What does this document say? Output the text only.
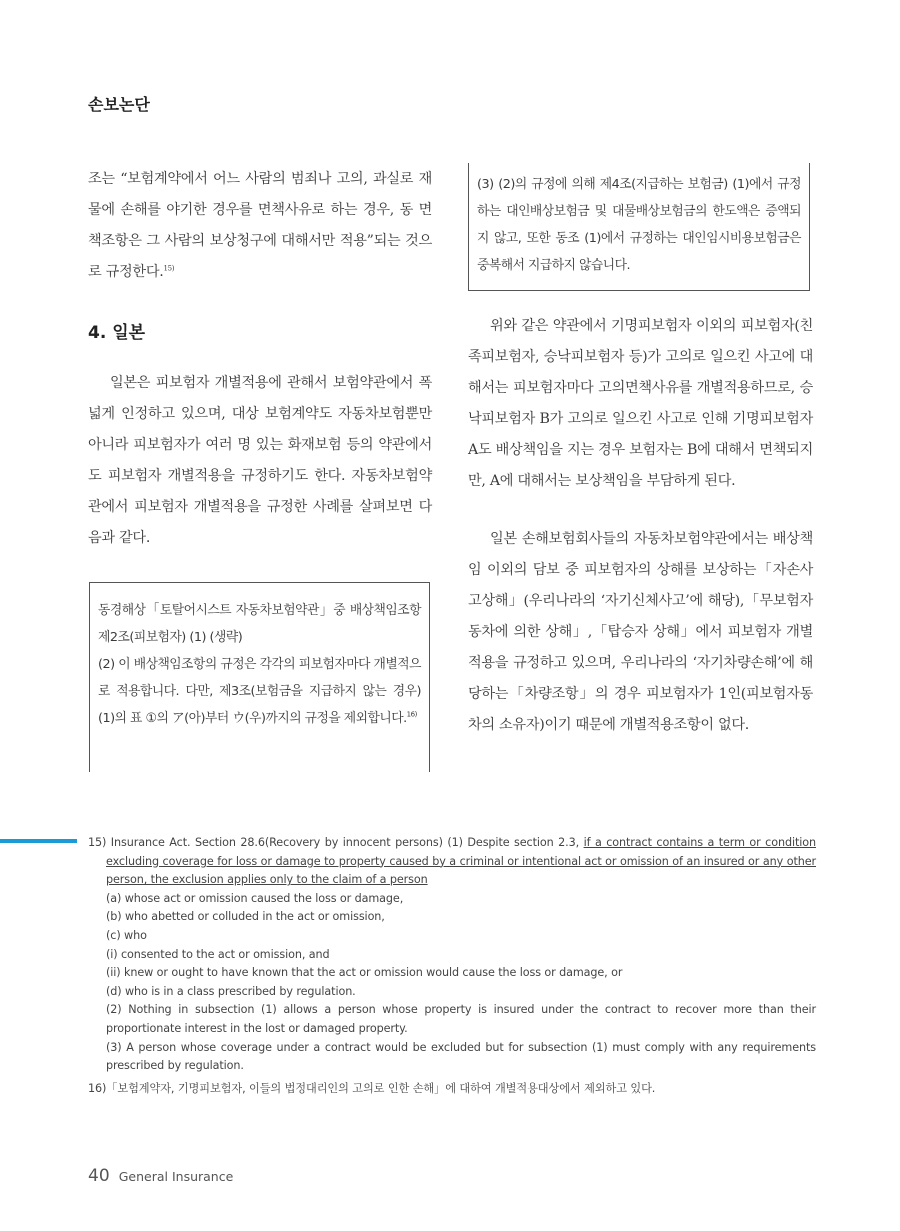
손보논단

조는 “보험계약에서 어느 사람의 범죄나 고의, 과실로 재물에 손해를 야기한 경우를 면책사유로 하는 경우, 동 면책조항은 그 사람의 보상청구에 대해서만 적용”되는 것으로 규정한다.$^{15)}$

4. 일본

일본은 피보험자 개별적용에 관해서 보험약관에서 폭넓게 인정하고 있으며, 대상 보험계약도 자동차보험뿐만 아니라 피보험자가 여러 명 있는 화재보험 등의 약관에서도 피보험자 개별적용을 규정하기도 한다. 자동차보험약관에서 피보험자 개별적용을 규정한 사례를 살펴보면 다음과 같다.

동경해상「토탈어시스트 자동차보험약관」중 배상책임조항 제2조(피보험자) (1) (생략)

(2) 이 배상책임조항의 규정은 각각의 피보험자마다 개별적으로 적용합니다. 다만, 제3조(보험금을 지급하지 않는 경우) (1)의 표 ①의 ア(아)부터 ウ(우)까지의 규정을 제외합니다.$^{16)}$

(3) (2)의 규정에 의해 제4조(지급하는 보험금) (1)에서 규정하는 대인배상보험금 및 대물배상보험금의 한도액은 증액되지 않고, 또한 동조 (1)에서 규정하는 대인임시비용보험금은 중복해서 지급하지 않습니다.

위와 같은 약관에서 기명피보험자 이외의 피보험자(친족피보험자, 승낙피보험자 등)가 고의로 일으킨 사고에 대해서는 피보험자마다 고의면책사유를 개별적용하므로, 승낙피보험자 B가 고의로 일으킨 사고로 인해 기명피보험자 A도 배상책임을 지는 경우 보험자는 B에 대해서 면책되지만, A에 대해서는 보상책임을 부담하게 된다.

일본 손해보험회사들의 자동차보험약관에서는 배상책임 이외의 담보 중 피보험자의 상해를 보상하는「자손사고상해」(우리나라의 ‘자기신체사고’에 해당),「무보험자동차에 의한 상해」,「탑승자 상해」에서 피보험자 개별적용을 규정하고 있으며, 우리나라의 ‘자기차량손해’에 해당하는「차량조항」의 경우 피보험자가 1인(피보험자동차의 소유자)이기 때문에 개별적용조항이 없다.

15) Insurance Act. Section 28.6(Recovery by innocent persons) (1) Despite section 2.3, if a contract contains a term or condition excluding coverage for loss or damage to property caused by a criminal or intentional act or omission of an insured or any other person, the exclusion applies only to the claim of a person

(a) whose act or omission caused the loss or damage,

(b) who abetted or colluded in the act or omission,

(c) who

(i) consented to the act or omission, and

(ii) knew or ought to have known that the act or omission would cause the loss or damage, or

(d) who is in a class prescribed by regulation.

(2) Nothing in subsection (1) allows a person whose property is insured under the contract to recover more than their proportionate interest in the lost or damaged property.

(3) A person whose coverage under a contract would be excluded but for subsection (1) must comply with any requirements prescribed by regulation.

16)「보험계약자, 기명피보험자, 이들의 법정대리인의 고의로 인한 손해」에 대하여 개별적용대상에서 제외하고 있다.

40 General Insurance
